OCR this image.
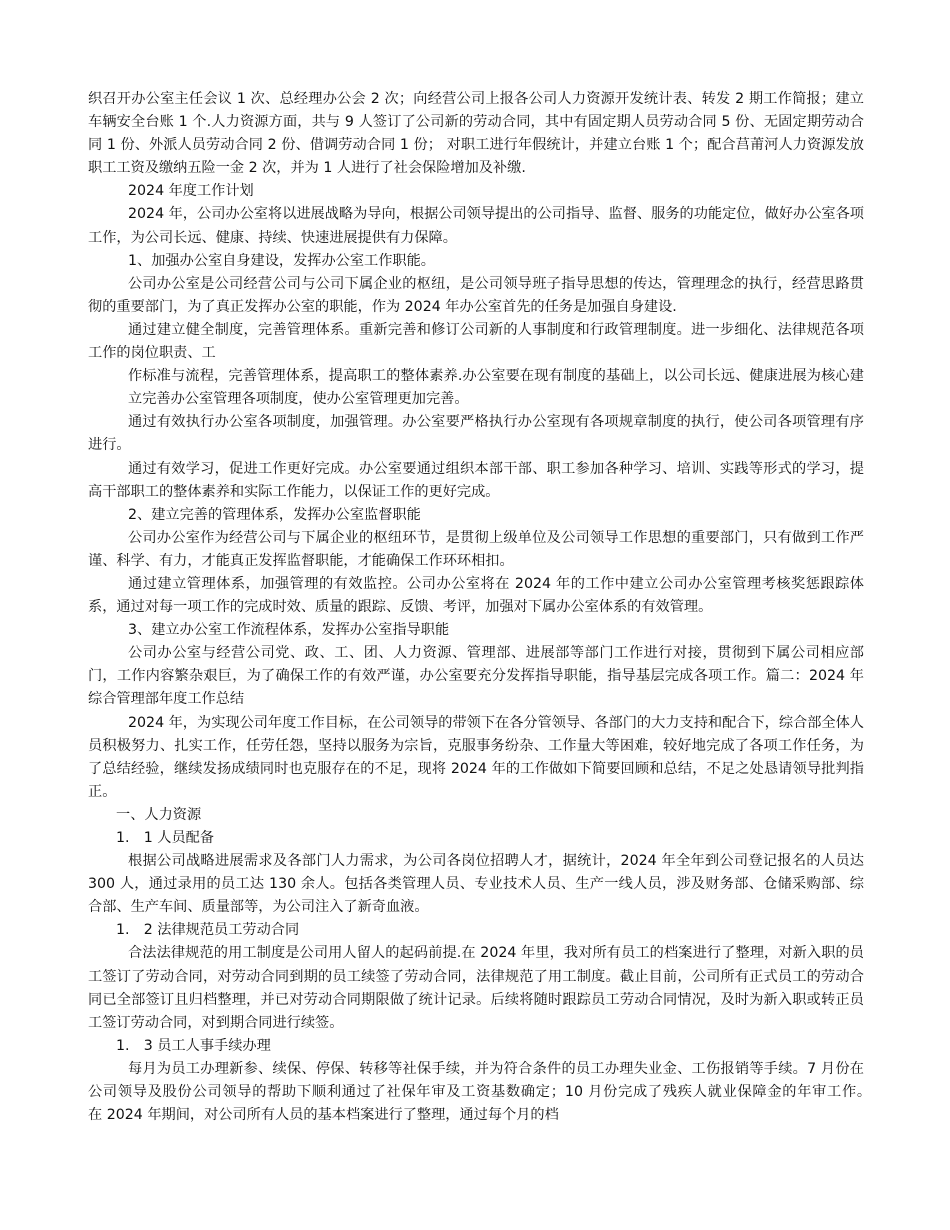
织召开办公室主任会议 1 次、总经理办公会 2 次；向经营公司上报各公司人力资源开发统计表、转发 2 期工作简报；建立车辆安全台账 1 个.人力资源方面，共与 9 人签订了公司新的劳动合同，其中有固定期人员劳动合同 5 份、无固定期劳动合同 1 份、外派人员劳动合同 2 份、借调劳动合同 1 份； 对职工进行年假统计，并建立台账 1 个；配合莒莆河人力资源发放职工工资及缴纳五险一金 2 次，并为 1 人进行了社会保险增加及补缴.

2024 年度工作计划

2024 年，公司办公室将以进展战略为导向，根据公司领导提出的公司指导、监督、服务的功能定位，做好办公室各项工作，为公司长远、健康、持续、快速进展提供有力保障。

1、加强办公室自身建设，发挥办公室工作职能。

公司办公室是公司经营公司与公司下属企业的枢纽，是公司领导班子指导思想的传达，管理理念的执行，经营思路贯彻的重要部门，为了真正发挥办公室的职能，作为 2024 年办公室首先的任务是加强自身建设.

通过建立健全制度，完善管理体系。重新完善和修订公司新的人事制度和行政管理制度。进一步细化、法律规范各项工作的岗位职责、工

作标准与流程，完善管理体系，提高职工的整体素养.办公室要在现有制度的基础上，以公司长远、健康进展为核心建立完善办公室管理各项制度，使办公室管理更加完善。

通过有效执行办公室各项制度，加强管理。办公室要严格执行办公室现有各项规章制度的执行，使公司各项管理有序进行。

通过有效学习，促进工作更好完成。办公室要通过组织本部干部、职工参加各种学习、培训、实践等形式的学习，提高干部职工的整体素养和实际工作能力，以保证工作的更好完成。

2、建立完善的管理体系，发挥办公室监督职能

公司办公室作为经营公司与下属企业的枢纽环节，是贯彻上级单位及公司领导工作思想的重要部门，只有做到工作严谨、科学、有力，才能真正发挥监督职能，才能确保工作环环相扣。

通过建立管理体系，加强管理的有效监控。公司办公室将在 2024 年的工作中建立公司办公室管理考核奖惩跟踪体系，通过对每一项工作的完成时效、质量的跟踪、反馈、考评，加强对下属办公室体系的有效管理。

3、建立办公室工作流程体系，发挥办公室指导职能

公司办公室与经营公司党、政、工、团、人力资源、管理部、进展部等部门工作进行对接，贯彻到下属公司相应部门，工作内容繁杂艰巨，为了确保工作的有效严谨，办公室要充分发挥指导职能，指导基层完成各项工作。篇二：2024 年综合管理部年度工作总结

2024 年，为实现公司年度工作目标，在公司领导的带领下在各分管领导、各部门的大力支持和配合下，综合部全体人员积极努力、扎实工作，任劳任怨，坚持以服务为宗旨，克服事务纷杂、工作量大等困难，较好地完成了各项工作任务，为了总结经验，继续发扬成绩同时也克服存在的不足，现将 2024 年的工作做如下简要回顾和总结，不足之处恳请领导批判指正。

一、人力资源

1.　1 人员配备

根据公司战略进展需求及各部门人力需求，为公司各岗位招聘人才，据统计，2024 年全年到公司登记报名的人员达 300 人，通过录用的员工达 130 余人。包括各类管理人员、专业技术人员、生产一线人员，涉及财务部、仓储采购部、综合部、生产车间、质量部等，为公司注入了新奇血液。

1.　2 法律规范员工劳动合同

合法法律规范的用工制度是公司用人留人的起码前提.在 2024 年里，我对所有员工的档案进行了整理，对新入职的员工签订了劳动合同，对劳动合同到期的员工续签了劳动合同，法律规范了用工制度。截止目前，公司所有正式员工的劳动合同已全部签订且归档整理，并已对劳动合同期限做了统计记录。后续将随时跟踪员工劳动合同情况，及时为新入职或转正员工签订劳动合同，对到期合同进行续签。

1.　3 员工人事手续办理

每月为员工办理新参、续保、停保、转移等社保手续，并为符合条件的员工办理失业金、工伤报销等手续。7 月份在公司领导及股份公司领导的帮助下顺利通过了社保年审及工资基数确定；10 月份完成了残疾人就业保障金的年审工作。　　　在 2024 年期间，对公司所有人员的基本档案进行了整理，通过每个月的档
